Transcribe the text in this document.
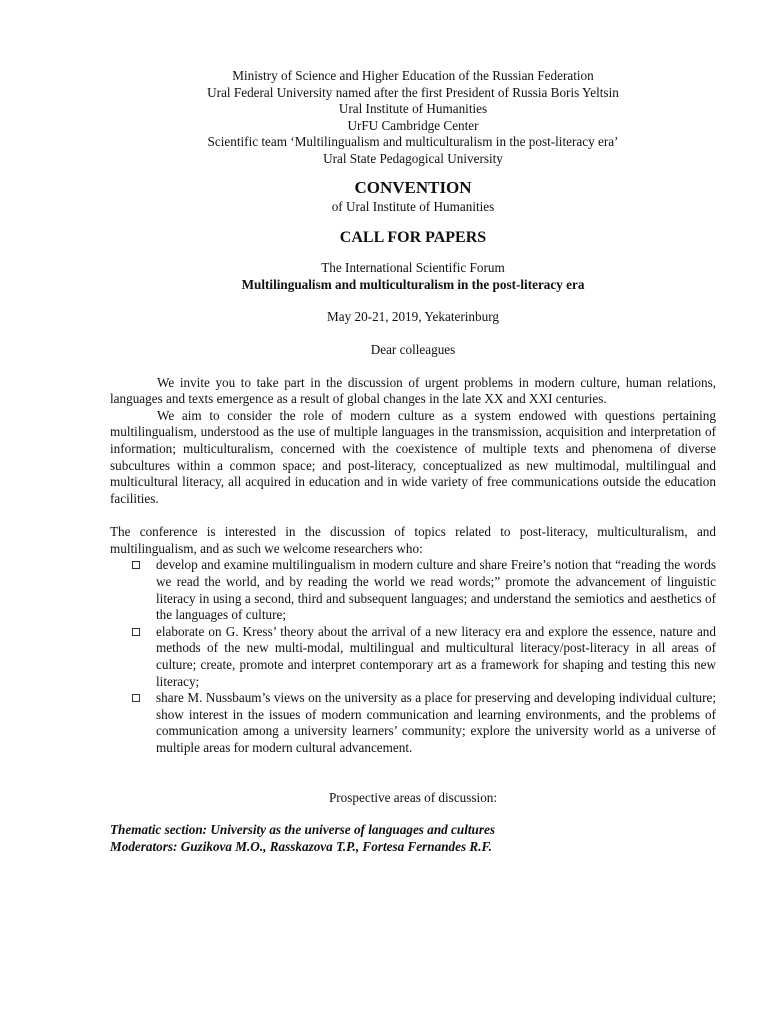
Ministry of Science and Higher Education of the Russian Federation
Ural Federal University named after the first President of Russia Boris Yeltsin
Ural Institute of Humanities
UrFU Cambridge Center
Scientific team ‘Multilingualism and multiculturalism in the post-literacy era’
Ural State Pedagogical University
CONVENTION
of Ural Institute of Humanities
CALL FOR PAPERS
The International Scientific Forum
Multilingualism and multiculturalism in the post-literacy era
May 20-21, 2019, Yekaterinburg
Dear colleagues
We invite you to take part in the discussion of urgent problems in modern culture, human relations, languages and texts emergence as a result of global changes in the late XX and XXI centuries.
We aim to consider the role of modern culture as a system endowed with questions pertaining multilingualism, understood as the use of multiple languages in the transmission, acquisition and interpretation of information; multiculturalism, concerned with the coexistence of multiple texts and phenomena of diverse subcultures within a common space; and post-literacy, conceptualized as new multimodal, multilingual and multicultural literacy, all acquired in education and in wide variety of free communications outside the education facilities.
The conference is interested in the discussion of topics related to post-literacy, multiculturalism, and multilingualism, and as such we welcome researchers who:
develop and examine multilingualism in modern culture and share Freire’s notion that “reading the words we read the world, and by reading the world we read words;” promote the advancement of linguistic literacy in using a second, third and subsequent languages; and understand the semiotics and aesthetics of the languages of culture;
elaborate on G. Kress’ theory about the arrival of a new literacy era and explore the essence, nature and methods of the new multi-modal, multilingual and multicultural literacy/post-literacy in all areas of culture; create, promote and interpret contemporary art as a framework for shaping and testing this new literacy;
share M. Nussbaum’s views on the university as a place for preserving and developing individual culture; show interest in the issues of modern communication and learning environments, and the problems of communication among a university learners’ community; explore the university world as a universe of multiple areas for modern cultural advancement.
Prospective areas of discussion:
Thematic section: University as the universe of languages and cultures
Moderators: Guzikova M.O., Rasskazova T.P., Fortesa Fernandes R.F.
